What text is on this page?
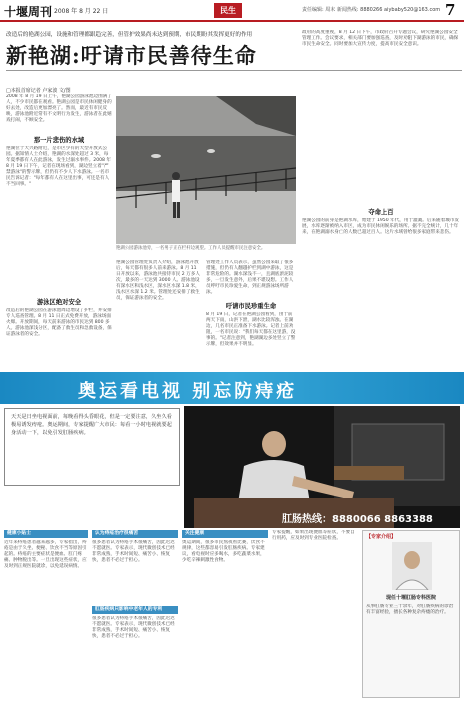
十堰周刊 2008 年 8 月 22 日	民生	责任编辑: 周末 新闻热线: 8880266 aiybaby520@163.com 7
改造后的艳湖公园，设施和管理都跟趋完善，但管护效果尚未达到预期，市民期盼其发挥更好的作用
新艳湖:吁请市民善待生命
□本报首席记者 卢家波 文/图
2008 年 8 月 19 日上午，艳湖公园游泳池边围满了人，不少市民都在观看。艳湖公园是市民休闲健身的好去处，改造后更加漂亮了。然而，最近有市民反映，游泳池附近常有不文明行为发生，游泳者在此嬉戏打闹，不顾安全。
那一片悲伤的水域
艳湖位于大兴路附近，是市区少有的大型开放式公园。据知情人士介绍，艳湖的水深处超过 3 米，每年夏季都有人在此游泳，发生过溺水事件。2008 年 8 月 19 日下午，记者在现场看到，湖边竖立着"严禁游泳"的警示牌，但仍有不少人下水游泳。一名市民告诉记者："每年都有人在这里出事，可还是有人不当回事。"
游泳区绝对安全
改造后的艳湖公园在游泳池周边增设了护栏，并安排专人巡查管理。8 月 11 日正式免费开放，游泳场面火爆。开放期间，每天前来游泳的市民达到 800 多人。游泳池深浅分区，配备了救生员和急救设备，保证游泳者的安全。
艳湖公园游泳池旁，一名男子正在栏杆边观望。工作人员提醒市民注意安全。
艳湖公园管理处负责人介绍，游泳池开放后，每天都有很多人前来游泳。8 月 11 日开放以来，游泳池共接待市民 2 万多人次，最多的一天达到 3000 人。游泳池设有深水区和浅水区，深水区水深 1.8 米，浅水区水深 1.2 米。管理处还安排了救生员，保证游泳者的安全。
管理处工作人员表示，虽然公园采取了很多措施，但仍有人翻越护栏到湖中游泳，这是非常危险的。湖水深浅不一，且湖底淤泥较多，一旦发生意外，后果不堪设想。工作人员呼吁市民珍爱生命，到正规游泳场所游泳。
吁请市民珍重生命
8 月 19 日，记者在艳湖公园看到，由于前两天下雨，山洪下泄，湖水比较浑浊。在湖边，几名市民正准备下水游泳。记者上前劝阻，一名市民说："我们每天都在这里游，没事的。"记者注意到，艳湖湖边多处竖立了警示牌，但效果并不明显。
政府的高度重视，8 月 12 日下午，市政府召开专题会议，研究艳湖公园安全管理工作。会议要求，相关部门要加强巡查，及时劝阻下湖游泳的市民，确保市民生命安全。同时要加大宣传力度，提高市民安全意识。
夺命上百
艳湖公园的前身是艳湖水库，始建于 1950 年代，用于灌溉。后来随着城市发展，水库逐渐被纳入市区，成为市民休闲娱乐的场所。据不完全统计，几十年来，在艳湖溺水身亡的人数已超过百人。这片水域曾给很多家庭带来悲伤。
奥运看电视 别忘防痔疮
天天是日坐电视面前，每晚看得头昏眼花，但是一定要注意，久坐久看极易诱发痔疮。奥运期间，专家提醒广大市民：每看一小时电视就要起身活动一下，以免引发肛肠疾病。
肛肠热线：8880066 8863388
健康小贴士
近年来痔疮患者越来越多，专家指出，痔疮是由于久坐、便秘、饮食不当等原因引起的。痔疮的主要症状是便血、肛门疼痛、肿物脱出等。一旦出现这些症状，应及时到正规医院就诊，以免延误病情。
认为痔疮治疗很痛苦
很多患者认为痔疮手术很痛苦，因此迟迟不愿就医。专家表示，现代微创技术已经非常成熟，手术时间短、痛苦小、恢复快，患者不必过于担心。
肛肠疾病只影响中老年人的专利
很多患者认为痔疮手术很痛苦，因此迟迟不愿就医。专家表示，现代微创技术已经非常成熟，手术时间短、痛苦小、恢复快，患者不必过于担心。
关注健康
奥运期间，很多市民熬夜看比赛，饮食不规律，这些都容易引发肛肠疾病。专家建议，看电视时应多喝水，多吃蔬菜水果，少吃辛辣刺激性食物。
专家提醒，如果出现便血等症状，不要自行用药，应及时到专业医院检查。	【专家介绍】
现任十堰肛肠专科医院
从事肛肠专业三十余年，对肛肠疾病的诊治有丰富经验，擅长各种复杂痔瘘的治疗。
